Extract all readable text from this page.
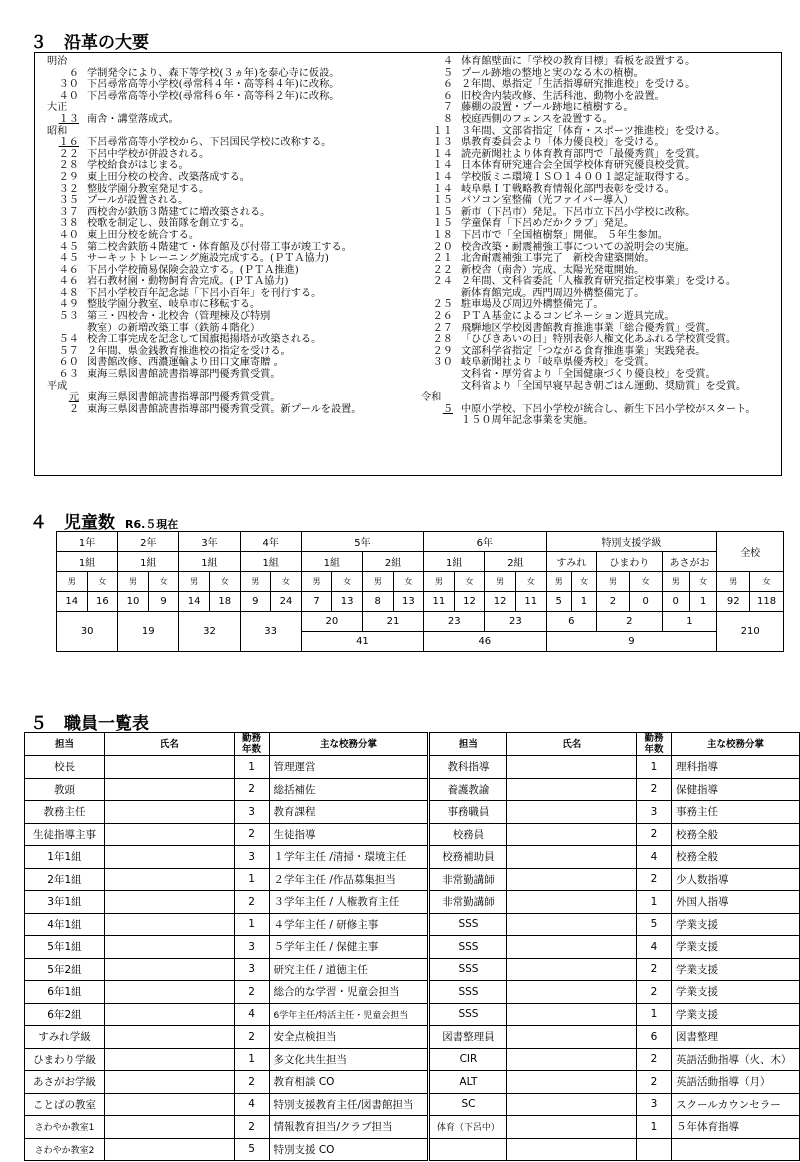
３　沿革の大要
明治
６ 学制発令により、森下等学校(３ヵ年)を泰心寺に仮設。
３０ 下呂尋常高等小学校(尋常科４年・高等科４年)に改称。
４０ 下呂尋常高等小学校(尋常科６年・高等科２年)に改称。
大正
１３ 南舎・講堂落成式。
昭和
１６ 下呂尋常高等小学校から、下呂国民学校に改称する。
２２ 下呂中学校が併設される。
２８ 学校給食がはじまる。
２９ 東上田分校の校舎、改築落成する。
３２ 整肢学園分教室発足する。
３５ プールが設置される。
３７ 西校舎が鉄筋３階建てに増改築される。
３８ 校歌を制定し、鼓笛隊を創立する。
４０ 東上田分校を統合する。
４５ 第二校舎鉄筋４階建て・体育館及び付帯工事が竣工する。
４５ サーキットトレーニング施設完成する。(ＰＴＡ協力)
４６ 下呂小学校簡易保険会設立する。(ＰＴＡ推進)
４６ 岩石教材園・動物飼育舎完成。(ＰＴＡ協力)
４８ 下呂小学校百年記念誌「下呂小百年」を刊行する。
４９ 整肢学園分教室、岐阜市に移転する。
５３ 第三・四校舎・北校舎（管理棟及び特別
教室）の新増改築工事（鉄筋４階化）
５４ 校舎工事完成を記念して国旗掲揚塔が改築される。
５７ ２年間、県金銭教育推進校の指定を受ける。
６０ 図書館改修、西濃運輸より田口文庫寄贈 。
６３ 東海三県図書館読書指導部門優秀賞受賞。
平成
元 東海三県図書館読書指導部門優秀賞受賞。
２ 東海三県図書館読書指導部門優秀賞受賞。新プールを設置。
４ 体育館壁面に「学校の教育目標」看板を設置する。
５ プール跡地の整地と実のなる木の植樹。
６ ２年間、県指定「生活指導研究推進校」を受ける。
６ 旧校舎内装改修、生活科池、動物小を設置。
７ 藤棚の設置・プール跡地に植樹する。
８ 校庭西側のフェンスを設置する。
１１ ３年間、文部省指定「体育・スポーツ推進校」を受ける。
１３ 県教育委員会より「体力優良校」を受ける。
１４ 読売新聞社より体育教育部門で「最優秀賞」を受賞。
１４ 日本体育研究連合会全国学校体育研究優良校受賞。
１４ 学校版ミニ環境ＩＳＯ１４００１認定証取得する。
１４ 岐阜県ＩＴ戦略教育情報化部門表彰を受ける。
１５ パソコン室整備（光ファイバー導入）
１５ 新市（下呂市）発足。下呂市立下呂小学校に改称。
１５ 学童保育「下呂めだかクラブ」発足。
１８ 下呂市で「全国植樹祭」開催。 ５年生参加。
２０ 校舎改築・耐震補強工事についての説明会の実施。
２１ 北舎耐震補強工事完了　新校舎建築開始。
２２ 新校舎（南舎）完成、太陽光発電開始。
２４ ２年間、文科省委託「人権教育研究指定校事業」を受ける。
新体育館完成。西門周辺外構整備完了。
２５ 駐車場及び周辺外構整備完了。
２６ ＰＴＡ基金によるコンビネーション遊具完成。
２７ 飛騨地区学校図書館教育推進事業「総合優秀賞」受賞。
２８ 「ひびきあいの日」特別表彰人権文化あふれる学校賞受賞。
２９ 文部科学省指定「つながる食育推進事業」実践発表。
３０ 岐阜新聞社より「岐阜県優秀校」を受賞。
文科省・厚労省より「全国健康づくり優良校」を受賞。
文科省より「全国早寝早起き朝ごはん運動、奨励賞」を受賞。
令和
５ 中原小学校、下呂小学校が統合し、新生下呂小学校がスタート。
１５０周年記念事業を実施。
４　児童数 R6.５現在
1年		2年		3年		4年		5年				6年				特別支援学級						全校	
1組		1組		1組		1組		1組		2組		1組		2組		すみれ		ひまわり		あさがお			
男	女	男	女	男	女	男	女	男	女	男	女	男	女	男	女	男	女	男	女	男	女	男	女
14	16	10	9	14	18	9	24	7	13	8	13	11	12	12	11	5	1	2	0	0	1	92	118
30		19		32		33		20		21		23		23		6		2		1		210	
								41				46				9							
５　職員一覧表
担当	氏名	勤務
年数	主な校務分掌	担当	氏名	勤務
年数	主な校務分掌
校長		1	管理運営	教科指導		1	理科指導
教頭		2	総括補佐	養護教諭		2	保健指導
教務主任		3	教育課程	事務職員		3	事務主任
生徒指導主事		2	生徒指導	校務員		2	校務全般
1年1組		3	１学年主任 /清掃・環境主任	校務補助員		4	校務全般
2年1組		1	２学年主任 /作品募集担当	非常勤講師		2	少人数指導
3年1組		2	３学年主任 / 人権教育主任	非常勤講師		1	外国人指導
4年1組		1	４学年主任 / 研修主事	SSS		5	学業支援
5年1組		3	５学年主任 / 保健主事	SSS		4	学業支援
5年2組		3	研究主任 / 道徳主任	SSS		2	学業支援
6年1組		2	総合的な学習・児童会担当	SSS		2	学業支援
6年2組		4	6学年主任/特活主任・児童会担当	SSS		1	学業支援
すみれ学級		2	安全点検担当	図書整理員		6	図書整理
ひまわり学級		1	多文化共生担当	CIR		2	英語活動指導（火、木）
あさがお学級		2	教育相談 CO	ALT		2	英語活動指導（月）
ことばの教室		4	特別支援教育主任/図書館担当	SC		3	スクールカウンセラー
さわやか教室1		2	情報教育担当/クラブ担当	体育（下呂中）		1	５年体育指導
さわやか教室2		5	特別支援 CO				
